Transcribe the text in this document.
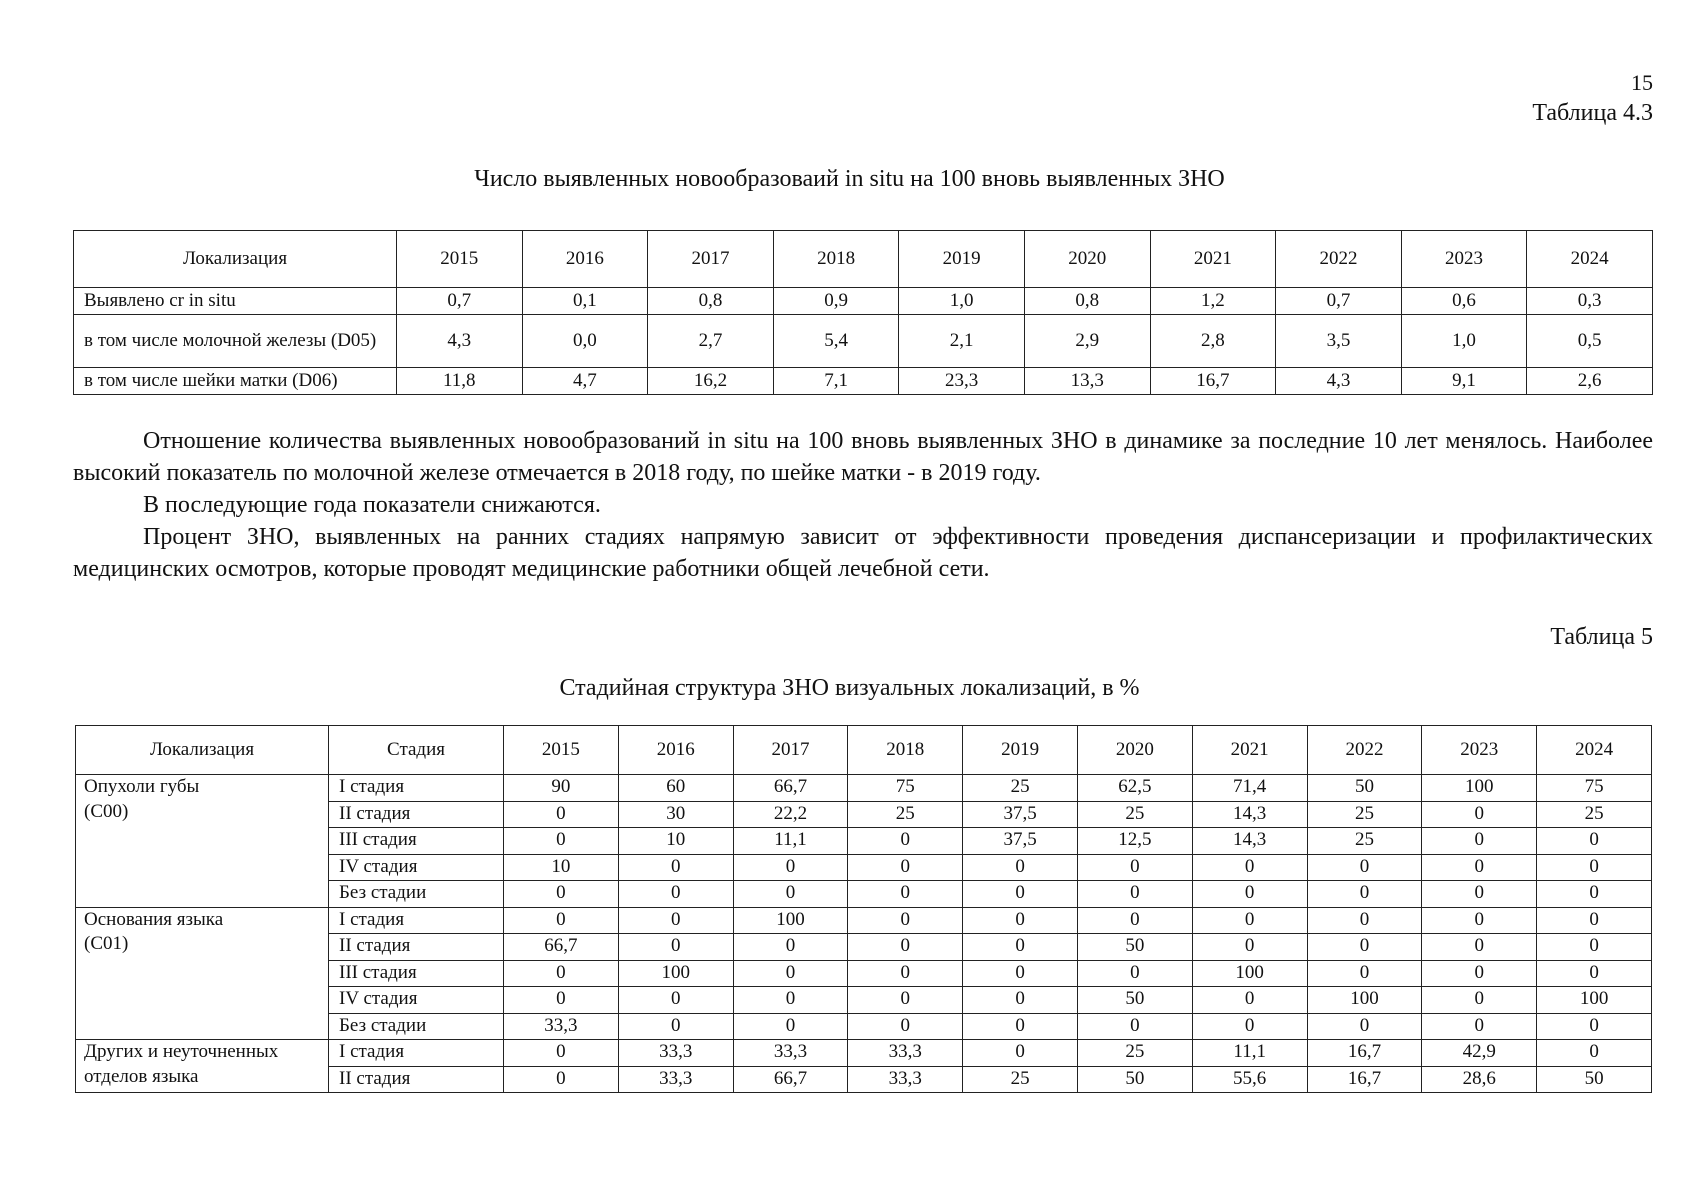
15
Таблица 4.3
Число выявленных новообразоваий in situ на 100 вновь выявленных ЗНО
Локализация	2015	2016	2017	2018	2019	2020	2021	2022	2023	2024
Выявлено cr in situ	0,7	0,1	0,8	0,9	1,0	0,8	1,2	0,7	0,6	0,3
в том числе молочной железы (D05)	4,3	0,0	2,7	5,4	2,1	2,9	2,8	3,5	1,0	0,5
в том числе шейки матки (D06)	11,8	4,7	16,2	7,1	23,3	13,3	16,7	4,3	9,1	2,6

Отношение количества выявленных новообразований in situ на 100 вновь выявленных ЗНО в динамике за последние 10 лет менялось. Наиболее высокий показатель по молочной железе отмечается в 2018 году, по шейке матки - в 2019 году.

В последующие года показатели снижаются.

Процент ЗНО, выявленных на ранних стадиях напрямую зависит от эффективности проведения диспансеризации и профилактических медицинских осмотров, которые проводят медицинские работники общей лечебной сети.

Таблица 5
Стадийная структура ЗНО визуальных локализаций, в %
Локализация	Стадия	2015	2016	2017	2018	2019	2020	2021	2022	2023	2024

Опухоли губы
(С00)	I стадия	90	60	66,7	75	25	62,5	71,4	50	100	75
	II стадия	0	30	22,2	25	37,5	25	14,3	25	0	25
	III стадия	0	10	11,1	0	37,5	12,5	14,3	25	0	0
	IV стадия	10	0	0	0	0	0	0	0	0	0
	Без стадии	0	0	0	0	0	0	0	0	0	0

Основания языка
(С01)	I стадия	0	0	100	0	0	0	0	0	0	0
	II стадия	66,7	0	0	0	0	50	0	0	0	0
	III стадия	0	100	0	0	0	0	100	0	0	0
	IV стадия	0	0	0	0	0	50	0	100	0	100
	Без стадии	33,3	0	0	0	0	0	0	0	0	0

Других и неуточненных
отделов языка	I стадия	0	33,3	33,3	33,3	0	25	11,1	16,7	42,9	0
	II стадия	0	33,3	66,7	33,3	25	50	55,6	16,7	28,6	50
